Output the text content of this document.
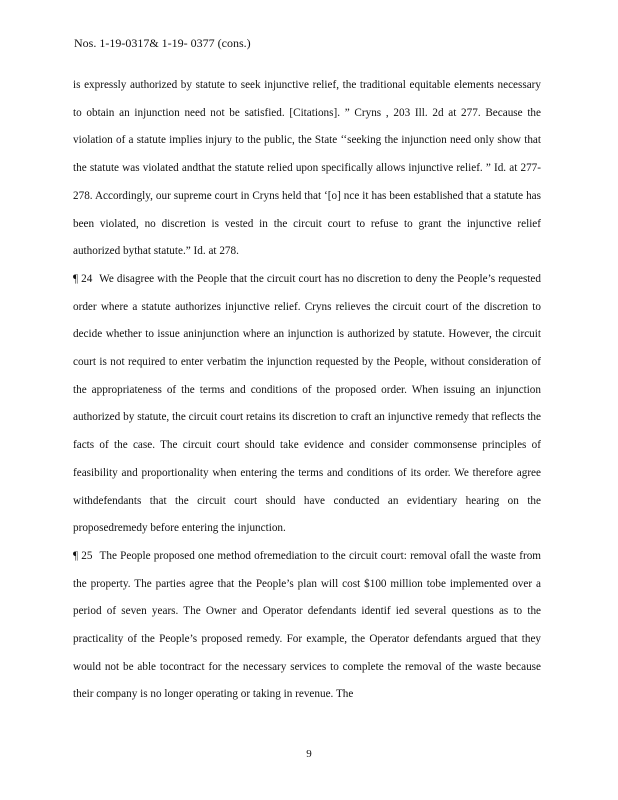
Nos. 1-19-0317& 1-19- 0377 (cons.)

is expressly authorized by statute to seek injunctive relief, the traditional equitable elements necessary to obtain an injunction need not be satisfied. [Citations]. ” Cryns , 203 Ill. 2d at 277. Because the violation of a statute implies injury to the public, the State ‘‘seeking the injunction need only show that the statute was violated andthat the statute relied upon specifically allows injunctive relief. ” Id. at 277-278. Accordingly, our supreme court in Cryns held that ‘[o] nce it has been established that a statute has been violated, no discretion is vested in the circuit court to refuse to grant the injunctive relief authorized bythat statute.” Id. at 278.

¶ 24 We disagree with the People that the circuit court has no discretion to deny the People’s requested order where a statute authorizes injunctive relief. Cryns relieves the circuit court of the discretion to decide whether to issue aninjunction where an injunction is authorized by statute. However, the circuit court is not required to enter verbatim the injunction requested by the People, without consideration of the appropriateness of the terms and conditions of the proposed order. When issuing an injunction authorized by statute, the circuit court retains its discretion to craft an injunctive remedy that reflects the facts of the case. The circuit court should take evidence and consider commonsense principles of feasibility and proportionality when entering the terms and conditions of its order. We therefore agree withdefendants that the circuit court should have conducted an evidentiary hearing on the proposedremedy before entering the injunction.

¶ 25 The People proposed one method ofremediation to the circuit court: removal ofall the waste from the property. The parties agree that the People’s plan will cost $100 million tobe implemented over a period of seven years. The Owner and Operator defendants identif ied several questions as to the practicality of the People’s proposed remedy. For example, the Operator defendants argued that they would not be able tocontract for the necessary services to complete the removal of the waste because their company is no longer operating or taking in revenue. The

9
